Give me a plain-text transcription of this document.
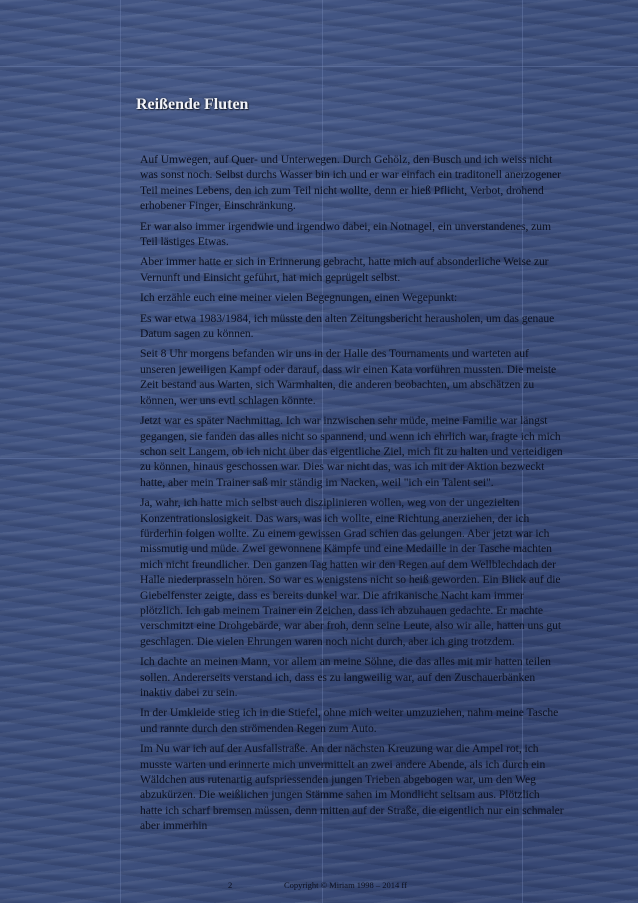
Reißende Fluten

Auf Umwegen, auf Quer- und Unterwegen. Durch Gehölz, den Busch und ich weiss nicht was sonst noch. Selbst durchs Wasser bin ich und er war einfach ein traditonell anerzogener Teil meines Lebens, den ich zum Teil nicht wollte, denn er hieß Pflicht, Verbot, drohend erhobener Finger, Einschränkung.

Er war also immer irgendwie und irgendwo dabei, ein Notnagel, ein unverstandenes, zum Teil lästiges Etwas.

Aber immer hatte er sich in Erinnerung gebracht, hatte mich auf absonderliche Weise zur Vernunft und Einsicht geführt, hat mich geprügelt selbst.

Ich erzähle euch eine meiner vielen Begegnungen, einen Wegepunkt:

Es war etwa 1983/1984, ich müsste den alten Zeitungsbericht herausholen, um das genaue Datum sagen zu können.

Seit 8 Uhr morgens befanden wir uns in der Halle des Tournaments und warteten auf unseren jeweiligen Kampf oder darauf, dass wir einen Kata vorführen mussten. Die meiste Zeit bestand aus Warten, sich Warmhalten, die anderen beobachten, um abschätzen zu können, wer uns evtl schlagen könnte.

Jetzt war es später Nachmittag. Ich war inzwischen sehr müde, meine Familie war längst gegangen, sie fanden das alles nicht so spannend, und wenn ich ehrlich war, fragte ich mich schon seit Langem, ob ich nicht über das eigentliche Ziel, mich fit zu halten und verteidigen zu können, hinaus geschossen war. Dies war nicht das, was ich mit der Aktion bezweckt hatte, aber mein Trainer saß mir ständig im Nacken, weil "ich ein Talent sei".

Ja, wahr, ich hatte mich selbst auch disziplinieren wollen, weg von der ungezielten Konzentrationslosigkeit. Das wars, was ich wollte, eine Richtung anerziehen, der ich fürderhin folgen wollte. Zu einem gewissen Grad schien das gelungen. Aber jetzt war ich missmutig und müde. Zwei gewonnene Kämpfe und eine Medaille in der Tasche machten mich nicht freundlicher. Den ganzen Tag hatten wir den Regen auf dem Wellblechdach der Halle niederprasseln hören. So war es wenigstens nicht so heiß geworden. Ein Blick auf die Giebelfenster zeigte, dass es bereits dunkel war. Die afrikanische Nacht kam immer plötzlich. Ich gab meinem Trainer ein Zeichen, dass ich abzuhauen gedachte. Er machte verschmitzt eine Drohgebärde, war aber froh, denn seine Leute, also wir alle, hatten uns gut geschlagen. Die vielen Ehrungen waren noch nicht durch, aber ich ging trotzdem.

Ich dachte an meinen Mann, vor allem an meine Söhne, die das alles mit mir hatten teilen sollen. Andererseits verstand ich, dass es zu langweilig war, auf den Zuschauerbänken inaktiv dabei zu sein.

In der Umkleide stieg ich in die Stiefel, ohne mich weiter umzuziehen, nahm meine Tasche und rannte durch den strömenden Regen zum Auto.

Im Nu war ich auf der Ausfallstraße. An der nächsten Kreuzung war die Ampel rot, ich musste warten und erinnerte mich unvermittelt an zwei andere Abende, als ich durch ein Wäldchen aus rutenartig aufspriessenden jungen Trieben abgebogen war, um den Weg abzukürzen. Die weißlichen jungen Stämme sahen im Mondlicht seltsam aus. Plötzlich hatte ich scharf bremsen müssen, denn mitten auf der Straße, die eigentlich nur ein schmaler aber immerhin

2	Copyright © Miriam 1998 – 2014 ff
